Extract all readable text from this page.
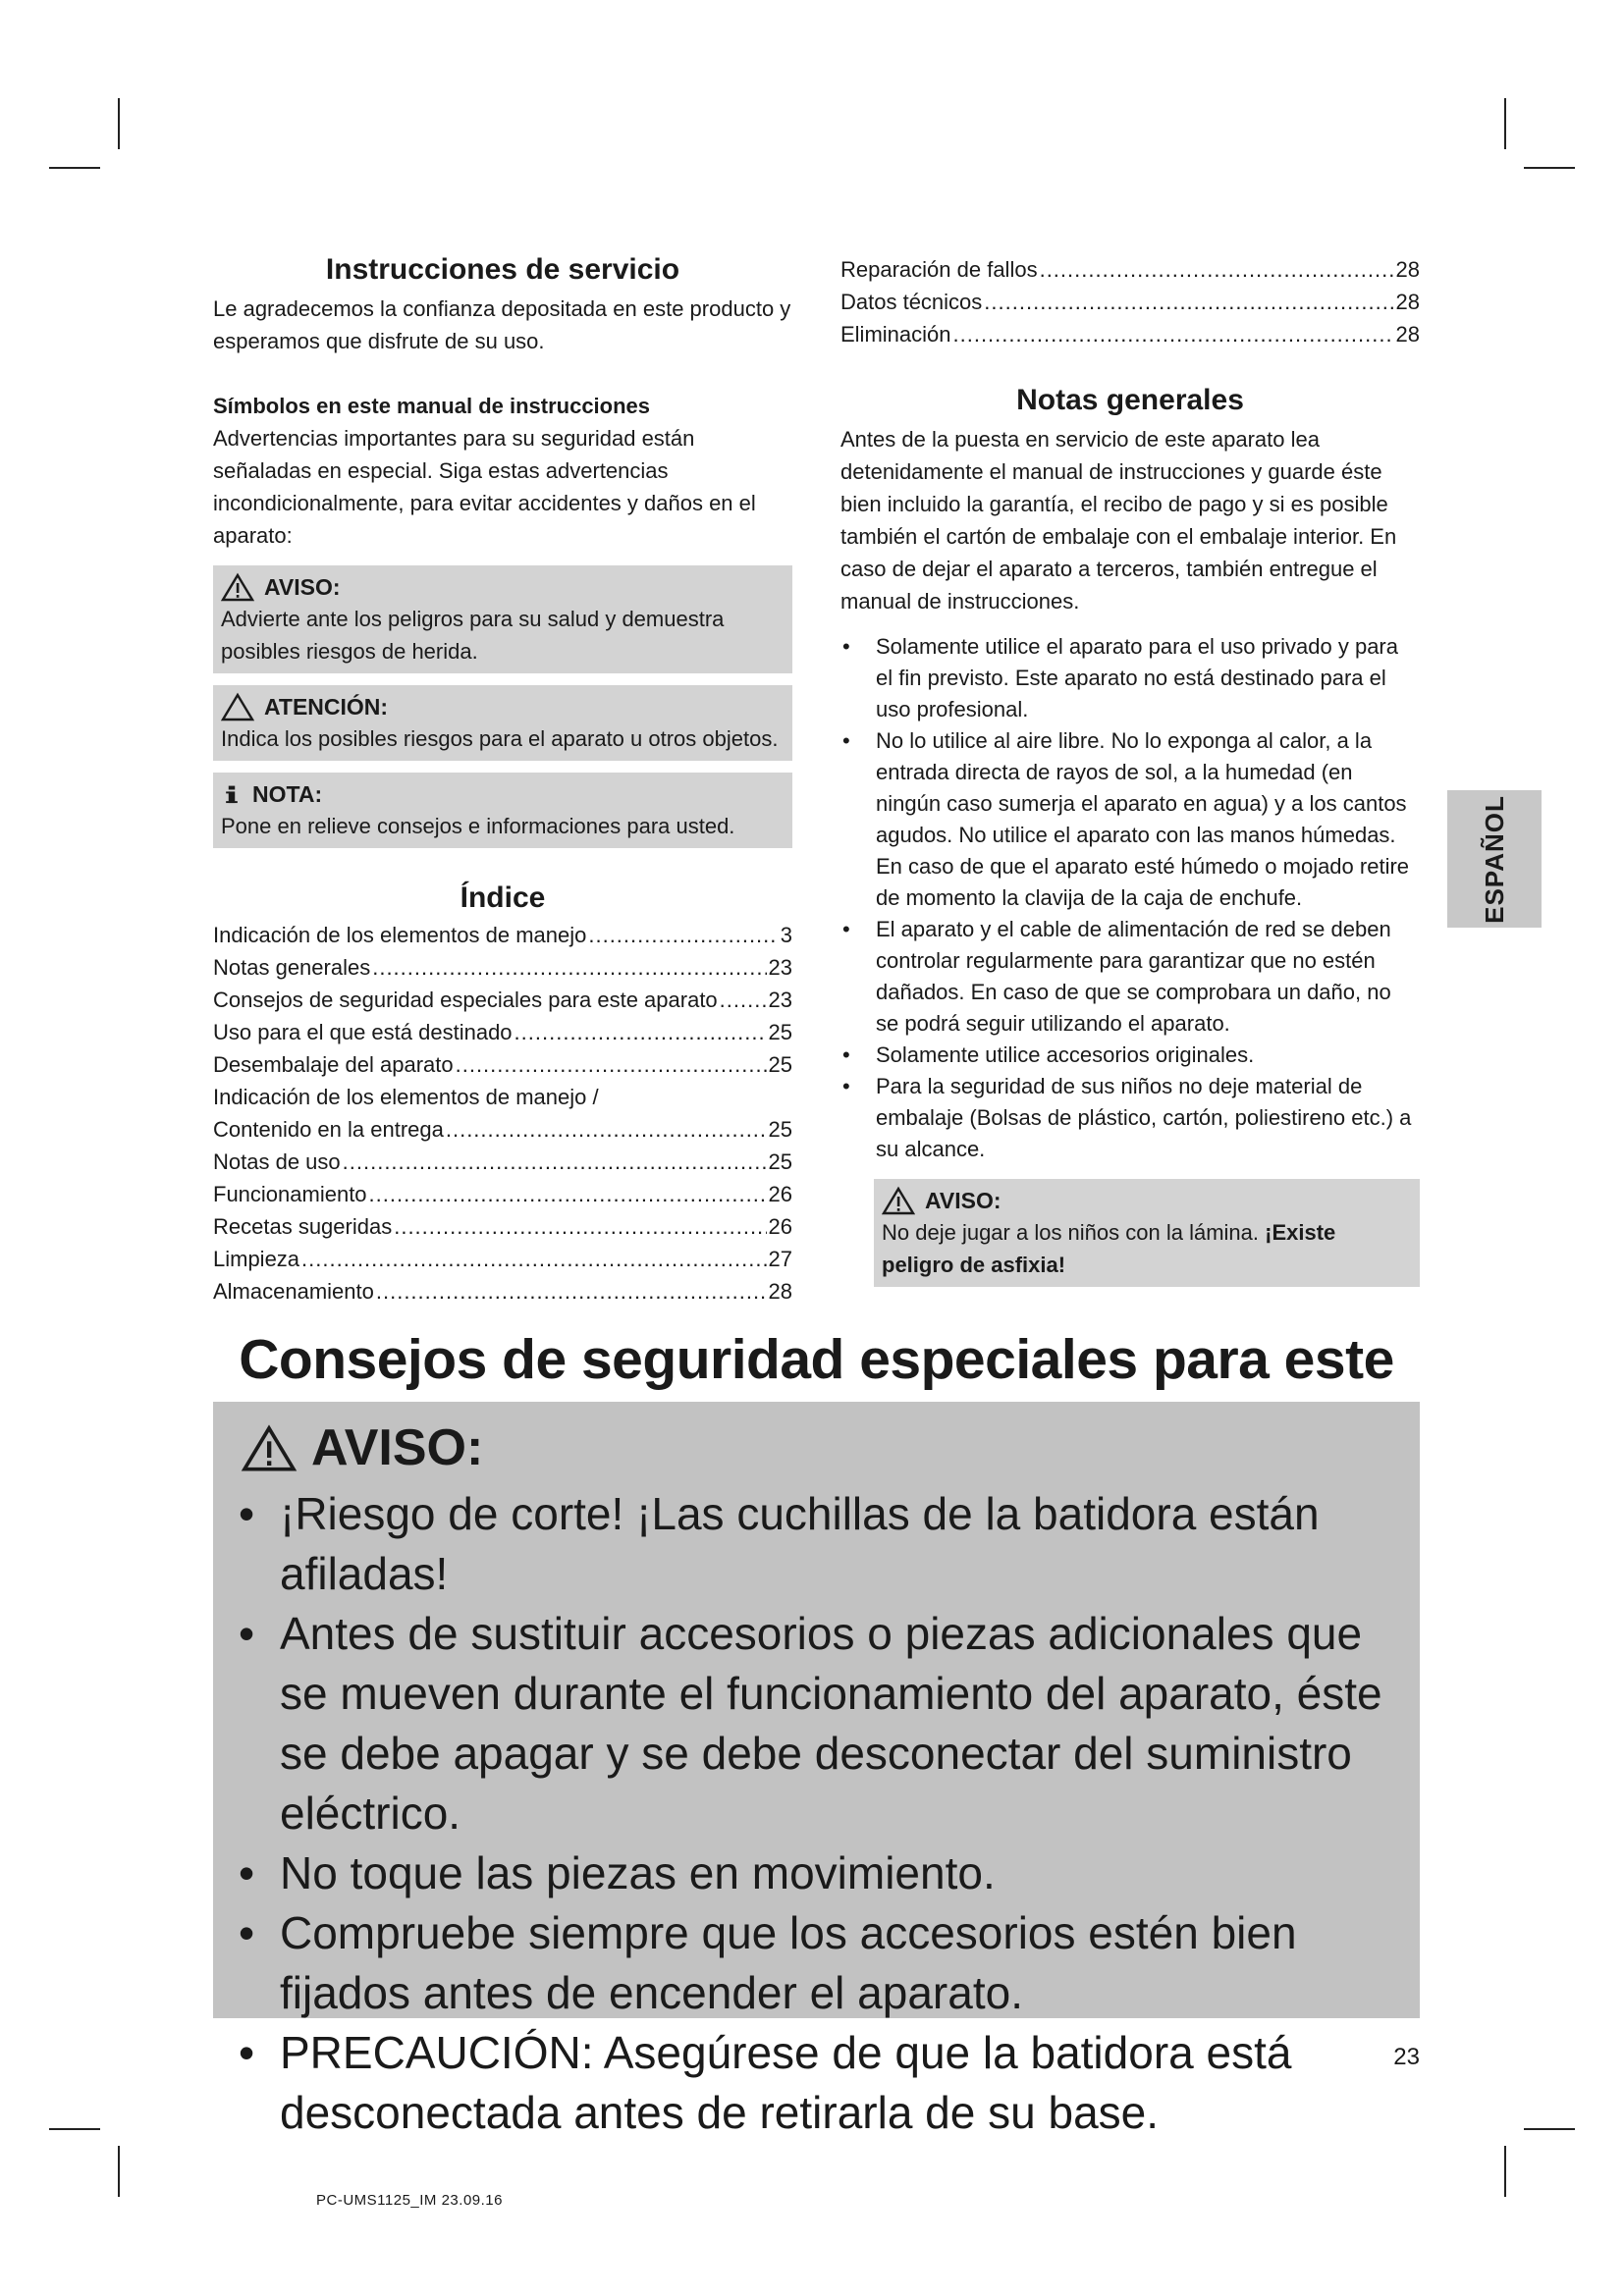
Instrucciones de servicio

Le agradecemos la confianza depositada en este producto y esperamos que disfrute de su uso.

Símbolos en este manual de instrucciones

Advertencias importantes para su seguridad están señaladas en especial. Siga estas advertencias incondicionalmente, para evitar accidentes y daños en el aparato:

AVISO:
Advierte ante los peligros para su salud y demuestra posibles riesgos de herida.
ATENCIÓN:
Indica los posibles riesgos para el aparato u otros objetos.
NOTA:
Pone en relieve consejos e informaciones para usted.
Índice
Indicación de los elementos de manejo .....	3
Notas generales .....	23
Consejos de seguridad especiales para este aparato ..... 23
Uso para el que está destinado .....	25
Desembalaje del aparato .....	25
Indicación de los elementos de manejo /
Contenido en la entrega .....	25
Notas de uso .....	25
Funcionamiento .....	26
Recetas sugeridas .....	26
Limpieza .....	27
Almacenamiento .....	28
Reparación de fallos .....	28
Datos técnicos .....	28
Eliminación .....	28
Notas generales

Antes de la puesta en servicio de este aparato lea detenidamente el manual de instrucciones y guarde éste bien incluido la garantía, el recibo de pago y si es posible también el cartón de embalaje con el embalaje interior. En caso de dejar el aparato a terceros, también entregue el manual de instrucciones.

• Solamente utilice el aparato para el uso privado y para el fin previsto. Este aparato no está destinado para el uso profesional.
• No lo utilice al aire libre. No lo exponga al calor, a la entrada directa de rayos de sol, a la humedad (en ningún caso sumerja el aparato en agua) y a los cantos agudos. No utilice el aparato con las manos húmedas. En caso de que el aparato esté húmedo o mojado retire de momento la clavija de la caja de enchufe.
• El aparato y el cable de alimentación de red se deben controlar regularmente para garantizar que no estén dañados. En caso de que se comprobara un daño, no se podrá seguir utilizando el aparato.
• Solamente utilice accesorios originales.
• Para la seguridad de sus niños no deje material de embalaje (Bolsas de plástico, cartón, poliestireno etc.) a su alcance.
AVISO:
No deje jugar a los niños con la lámina. ¡Existe peligro de asfixia!
ESPAÑOL
Consejos de seguridad especiales para este
AVISO:
• ¡Riesgo de corte! ¡Las cuchillas de la batidora están afiladas!
• Antes de sustituir accesorios o piezas adicionales que se mueven durante el funcionamiento del aparato, éste se debe apagar y se debe desconectar del suministro eléctrico.
• No toque las piezas en movimiento.
• Compruebe siempre que los accesorios estén bien fijados antes de encender el aparato.
• PRECAUCIÓN: Asegúrese de que la batidora está desconectada antes de retirarla de su base.
23
PC-UMS1125_IM 23.09.16
